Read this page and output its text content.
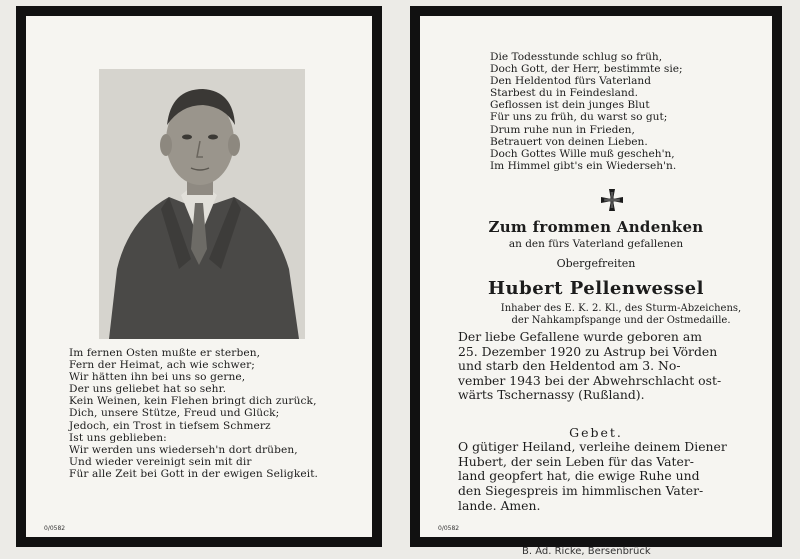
Im fernen Osten mußte er sterben,
Fern der Heimat, ach wie schwer;
Wir hätten ihn bei uns so gerne,
Der uns geliebet hat so sehr.
Kein Weinen, kein Flehen bringt dich zurück,
Dich, unsere Stütze, Freud und Glück;
Jedoch, ein Trost in tiefsem Schmerz
Ist uns geblieben:
Wir werden uns wiederseh'n dort drüben,
Und wieder vereinigt sein mit dir
Für alle Zeit bei Gott in der ewigen Seligkeit.
0/0582
Die Todesstunde schlug so früh,
Doch Gott, der Herr, bestimmte sie;
Den Heldentod fürs Vaterland
Starbest du in Feindesland.
Geflossen ist dein junges Blut
Für uns zu früh, du warst so gut;
Drum ruhe nun in Frieden,
Betrauert von deinen Lieben.
Doch Gottes Wille muß gescheh'n,
Im Himmel gibt's ein Wiederseh'n.
Zum frommen Andenken
an den fürs Vaterland gefallenen
Obergefreiten
Hubert Pellenwessel
Inhaber des E. K. 2. Kl., des Sturm-Abzeichens,
der Nahkampfspange und der Ostmedaille.
Der liebe Gefallene wurde geboren am
25. Dezember 1920 zu Astrup bei Vörden
und starb den Heldentod am 3. No-
vember 1943 bei der Abwehrschlacht ost-
wärts Tschernassy (Rußland).
Gebet.
O gütiger Heiland, verleihe deinem Diener
Hubert, der sein Leben für das Vater-
land geopfert hat, die ewige Ruhe und
den Siegespreis im himmlischen Vater-
lande. Amen.
0/0582
B. Ad. Ricke, Bersenbrück
